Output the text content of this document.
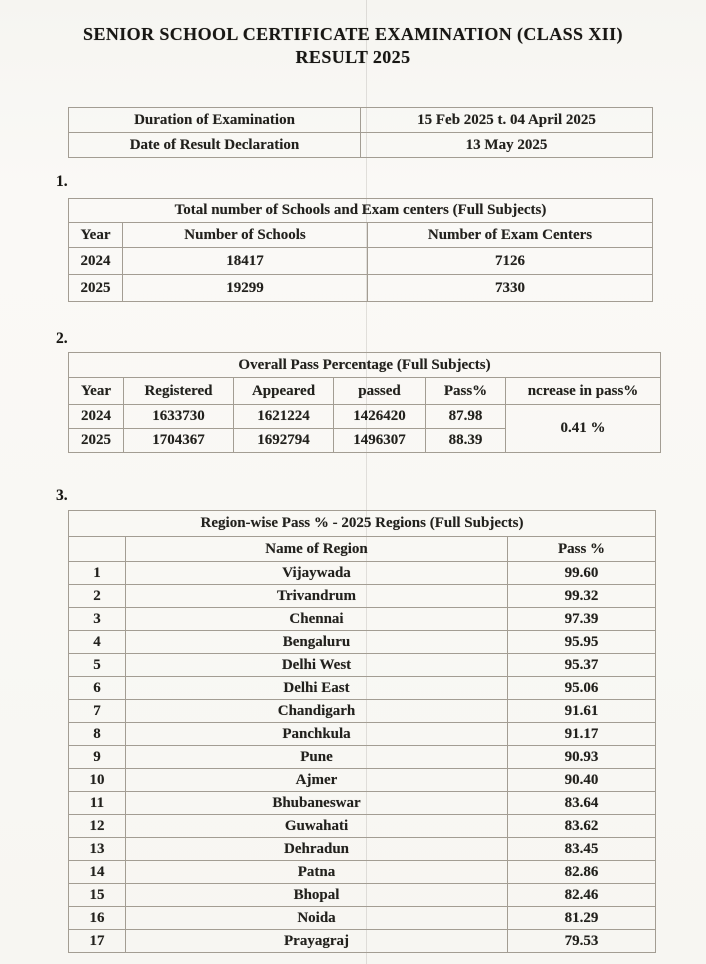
SENIOR SCHOOL CERTIFICATE EXAMINATION (CLASS XII)
RESULT 2025
Duration of Examination	15 Feb 2025 t. 04 April 2025
Date of Result Declaration	13 May 2025
1.
Total number of Schools and Exam centers (Full Subjects)		
Year	Number of Schools	Number of Exam Centers
2024	18417	7126
2025	19299	7330
2.
Overall Pass Percentage (Full Subjects)					
Year	Registered	Appeared	passed	Pass%	ncrease in pass%
2024	1633730	1621224	1426420	87.98	0.41 %
2025	1704367	1692794	1496307	88.39	
3.
Region-wise Pass % - 2025 Regions (Full Subjects)		
	Name of Region	Pass %
1	Vijaywada	99.60
2	Trivandrum	99.32
3	Chennai	97.39
4	Bengaluru	95.95
5	Delhi West	95.37
6	Delhi East	95.06
7	Chandigarh	91.61
8	Panchkula	91.17
9	Pune	90.93
10	Ajmer	90.40
11	Bhubaneswar	83.64
12	Guwahati	83.62
13	Dehradun	83.45
14	Patna	82.86
15	Bhopal	82.46
16	Noida	81.29
17	Prayagraj	79.53
